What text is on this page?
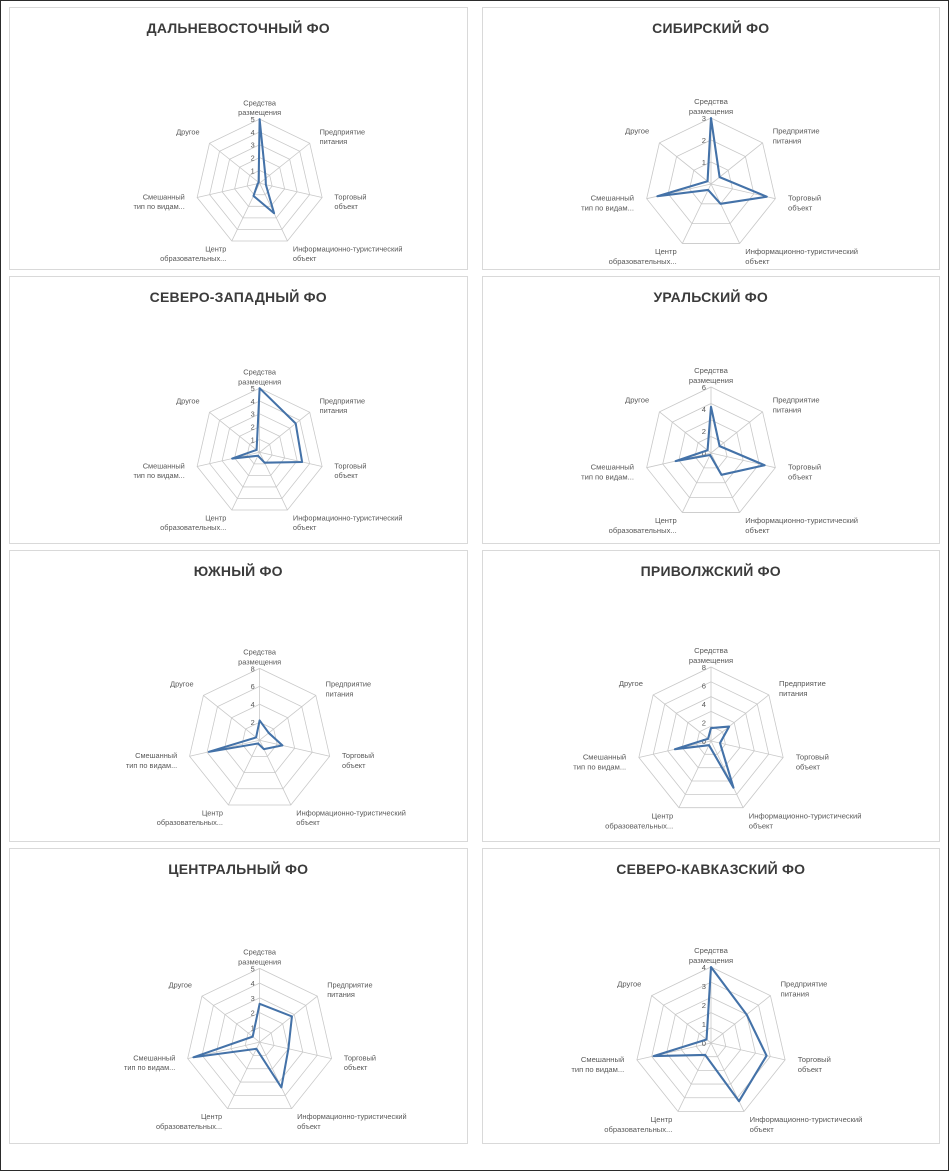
ДАЛЬНЕВОСТОЧНЫЙ ФО
1
2
3
4
5
Средства размещения
Предприятие питания
Торговый объект
Информационно-туристический объект
Центр образовательных...
Смешанный тип по видам...
Другое
СИБИРСКИЙ ФО
1
2
3
Средства размещения
Предприятие питания
Торговый объект
Информационно-туристический объект
Центр образовательных...
Смешанный тип по видам...
Другое
СЕВЕРО-ЗАПАДНЫЙ ФО
1
2
3
4
5
Средства размещения
Предприятие питания
Торговый объект
Информационно-туристический объект
Центр образовательных...
Смешанный тип по видам...
Другое
УРАЛЬСКИЙ ФО
0
2
4
6
Средства размещения
Предприятие питания
Торговый объект
Информационно-туристический объект
Центр образовательных...
Смешанный тип по видам...
Другое
ЮЖНЫЙ ФО
2
4
6
8
Средства размещения
Предприятие питания
Торговый объект
Информационно-туристический объект
Центр образовательных...
Смешанный тип по видам...
Другое
ПРИВОЛЖСКИЙ ФО
0
2
4
6
8
Средства размещения
Предприятие питания
Торговый объект
Информационно-туристический объект
Центр образовательных...
Смешанный тип по видам...
Другое
ЦЕНТРАЛЬНЫЙ ФО
1
2
3
4
5
Средства размещения
Предприятие питания
Торговый объект
Информационно-туристический объект
Центр образовательных...
Смешанный тип по видам...
Другое
СЕВЕРО-КАВКАЗСКИЙ ФО
0
1
2
3
4
Средства размещения
Предприятие питания
Торговый объект
Информационно-туристический объект
Центр образовательных...
Смешанный тип по видам...
Другое
